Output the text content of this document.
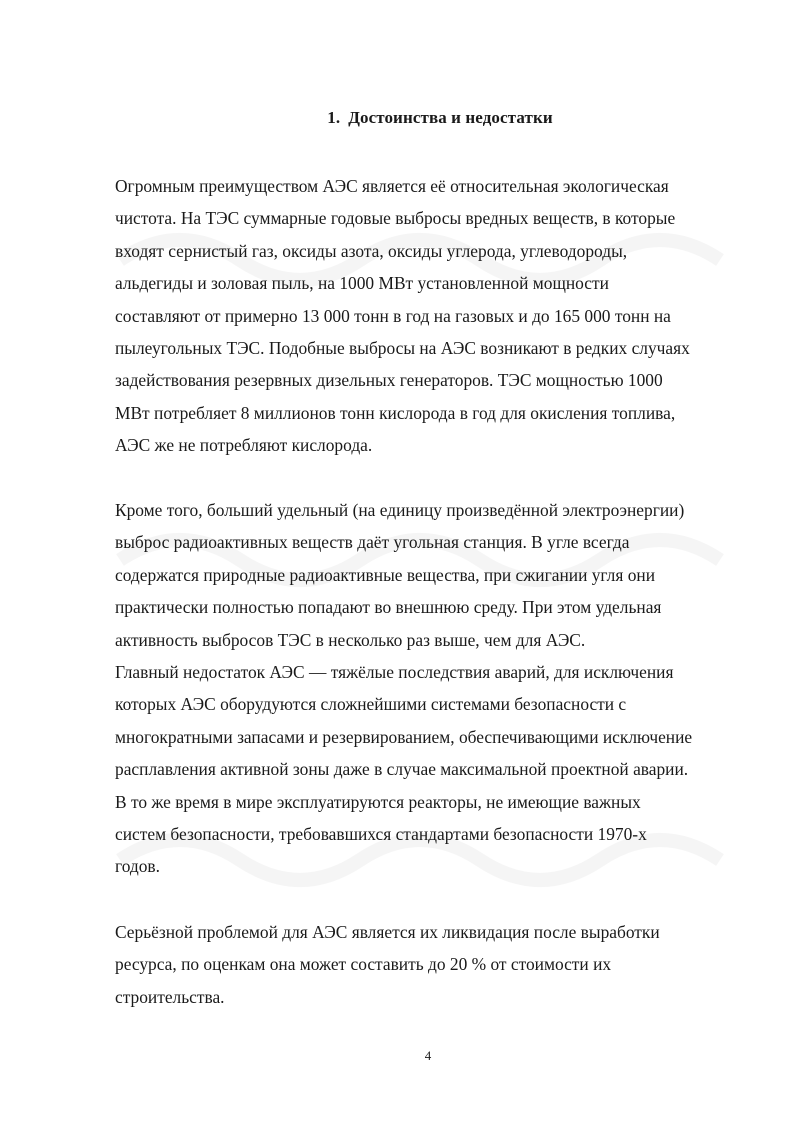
1. Достоинства и недостатки
Огромным преимуществом АЭС является её относительная экологическая
чистота. На ТЭС суммарные годовые выбросы вредных веществ, в которые
входят сернистый газ, оксиды азота, оксиды углерода, углеводороды,
альдегиды и золовая пыль, на 1000 МВт установленной мощности
составляют от примерно 13 000 тонн в год на газовых и до 165 000 тонн на
пылеугольных ТЭС. Подобные выбросы на АЭС возникают в редких случаях
задействования резервных дизельных генераторов. ТЭС мощностью 1000
МВт потребляет 8 миллионов тонн кислорода в год для окисления топлива,
АЭС же не потребляют кислорода.
Кроме того, больший удельный (на единицу произведённой электроэнергии)
выброс радиоактивных веществ даёт угольная станция. В угле всегда
содержатся природные радиоактивные вещества, при сжигании угля они
практически полностью попадают во внешнюю среду. При этом удельная
активность выбросов ТЭС в несколько раз выше, чем для АЭС.
Главный недостаток АЭС — тяжёлые последствия аварий, для исключения
которых АЭС оборудуются сложнейшими системами безопасности с
многократными запасами и резервированием, обеспечивающими исключение
расплавления активной зоны даже в случае максимальной проектной аварии.
В то же время в мире эксплуатируются реакторы, не имеющие важных
систем безопасности, требовавшихся стандартами безопасности 1970-х
годов.
Серьёзной проблемой для АЭС является их ликвидация после выработки
ресурса, по оценкам она может составить до 20 % от стоимости их
строительства.
4
